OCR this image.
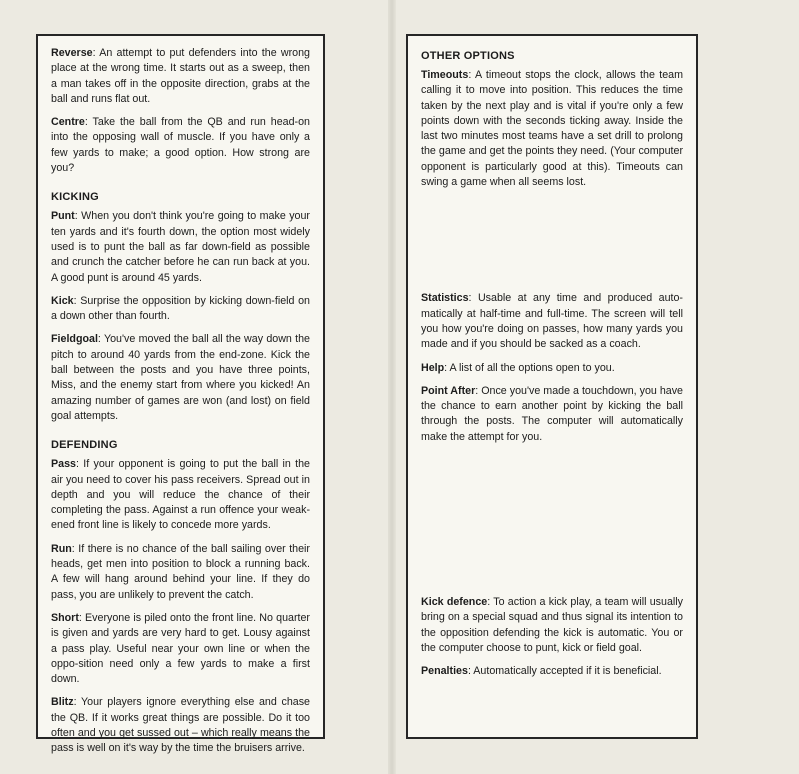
Reverse: An attempt to put defenders into the wrong place at the wrong time. It starts out as a sweep, then a man takes off in the opposite direction, grabs at the ball and runs flat out.

Centre: Take the ball from the QB and run head-on into the opposing wall of muscle. If you have only a few yards to make; a good option. How strong are you?

KICKING

Punt: When you don't think you're going to make your ten yards and it's fourth down, the option most widely used is to punt the ball as far down-field as possible and crunch the catcher before he can run back at you. A good punt is around 45 yards.

Kick: Surprise the opposition by kicking down-field on a down other than fourth.

Fieldgoal: You've moved the ball all the way down the pitch to around 40 yards from the end-zone. Kick the ball between the posts and you have three points, Miss, and the enemy start from where you kicked! An amazing number of games are won (and lost) on field goal attempts.

DEFENDING

Pass: If your opponent is going to put the ball in the air you need to cover his pass receivers. Spread out in depth and you will reduce the chance of their completing the pass. Against a run offence your weak-ened front line is likely to concede more yards.

Run: If there is no chance of the ball sailing over their heads, get men into position to block a running back. A few will hang around behind your line. If they do pass, you are unlikely to prevent the catch.

Short: Everyone is piled onto the front line. No quarter is given and yards are very hard to get. Lousy against a pass play. Useful near your own line or when the oppo-sition need only a few yards to make a first down.

Blitz: Your players ignore everything else and chase the QB. If it works great things are possible. Do it too often and you get sussed out – which really means the pass is well on it's way by the time the bruisers arrive.

OTHER OPTIONS

Timeouts: A timeout stops the clock, allows the team calling it to move into position. This reduces the time taken by the next play and is vital if you're only a few points down with the seconds ticking away. Inside the last two minutes most teams have a set drill to prolong the game and get the points they need. (Your computer opponent is particularly good at this). Timeouts can swing a game when all seems lost.

Statistics: Usable at any time and produced auto-matically at half-time and full-time. The screen will tell you how you're doing on passes, how many yards you made and if you should be sacked as a coach.

Help: A list of all the options open to you.

Point After: Once you've made a touchdown, you have the chance to earn another point by kicking the ball through the posts. The computer will automatically make the attempt for you.

Kick defence: To action a kick play, a team will usually bring on a special squad and thus signal its intention to the opposition defending the kick is automatic. You or the computer choose to punt, kick or field goal.

Penalties: Automatically accepted if it is beneficial.
